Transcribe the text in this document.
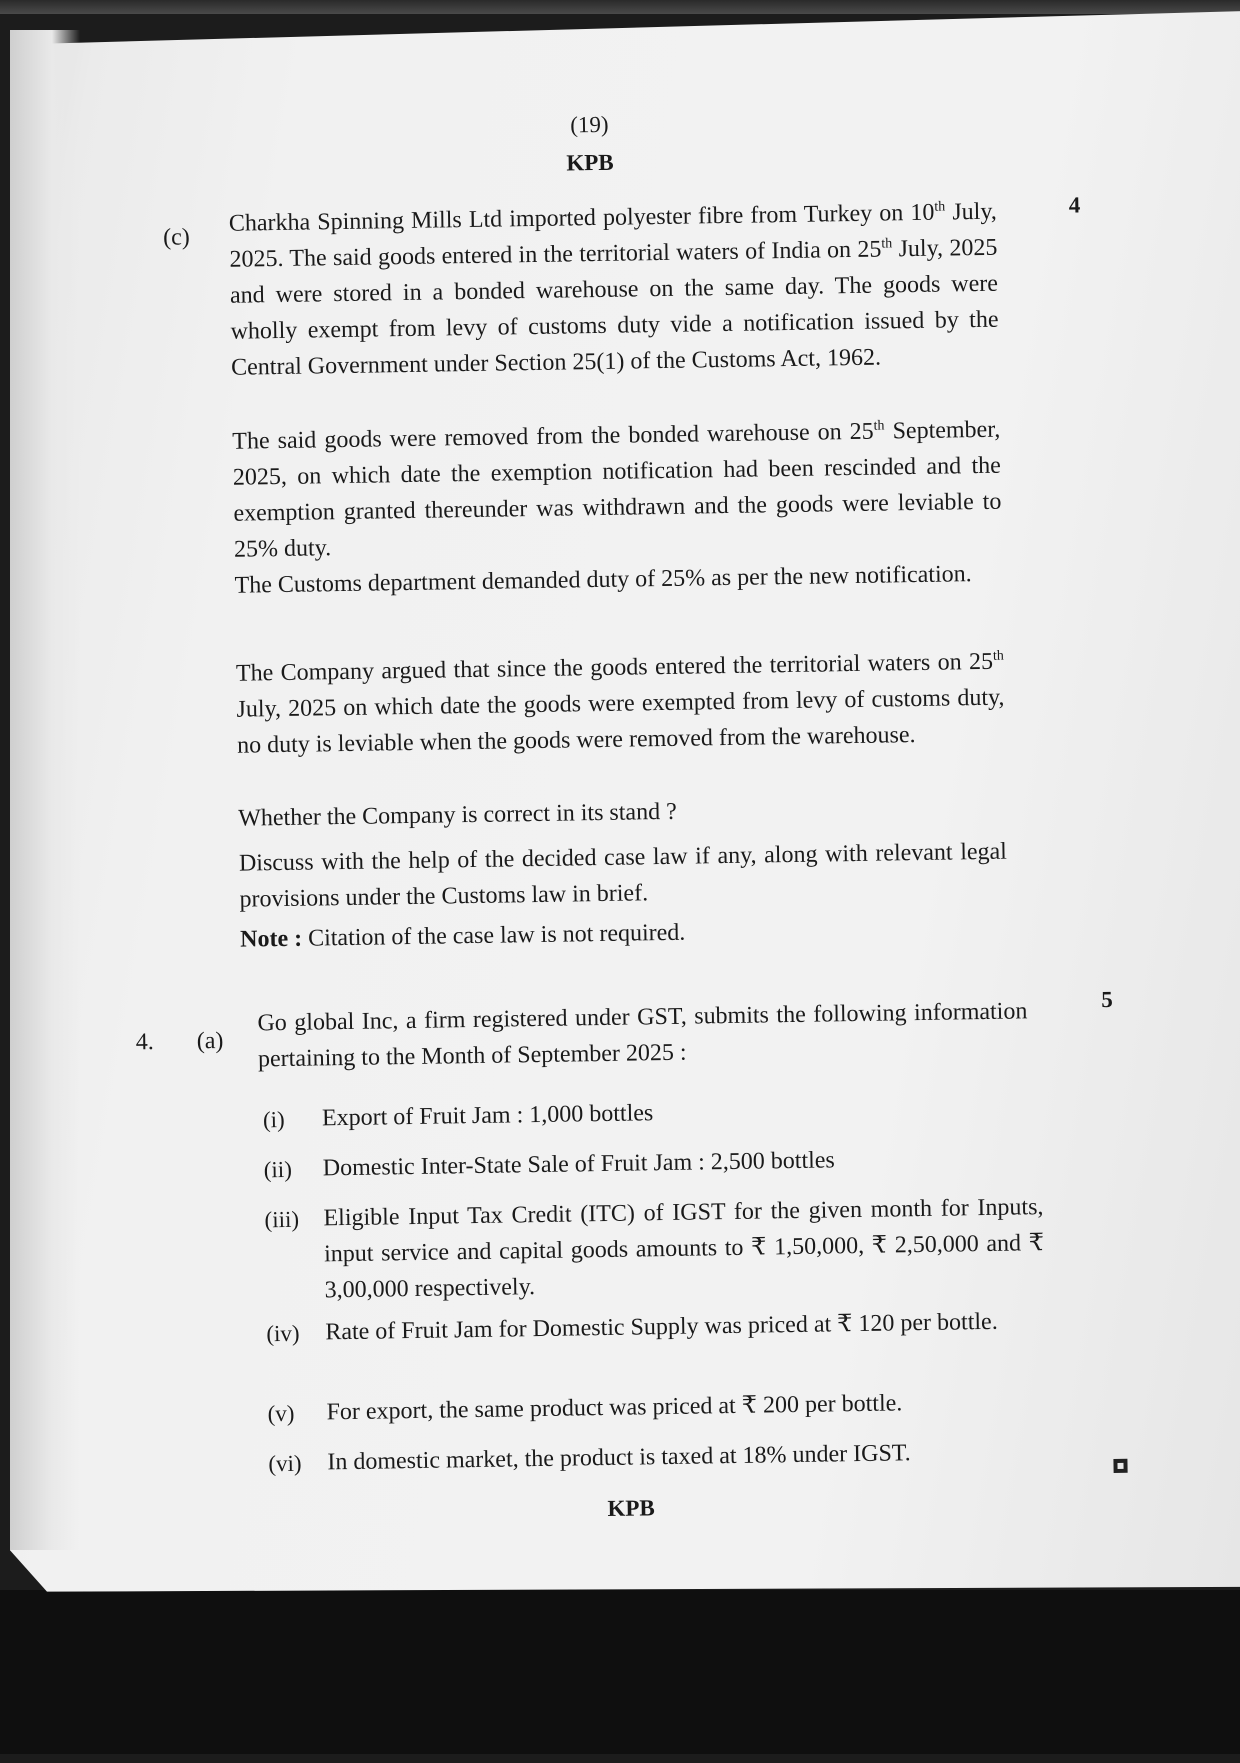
(19)
KPB
(c)
4
Charkha Spinning Mills Ltd imported polyester fibre from Turkey on 10th July, 2025. The said goods entered in the territorial waters of India on 25th July, 2025 and were stored in a bonded warehouse on the same day. The goods were wholly exempt from levy of customs duty vide a notification issued by the Central Government under Section 25(1) of the Customs Act, 1962.
The said goods were removed from the bonded warehouse on 25th September, 2025, on which date the exemption notification had been rescinded and the exemption granted thereunder was withdrawn and the goods were leviable to 25% duty.
The Customs department demanded duty of 25% as per the new notification.
The Company argued that since the goods entered the territorial waters on 25th July, 2025 on which date the goods were exempted from levy of customs duty, no duty is leviable when the goods were removed from the warehouse.
Whether the Company is correct in its stand ?
Discuss with the help of the decided case law if any, along with relevant legal provisions under the Customs law in brief.
Note : Citation of the case law is not required.
4. (a)
5
Go global Inc, a firm registered under GST, submits the following information pertaining to the Month of September 2025 :
(i) Export of Fruit Jam : 1,000 bottles
(ii) Domestic Inter-State Sale of Fruit Jam : 2,500 bottles
(iii) Eligible Input Tax Credit (ITC) of IGST for the given month for Inputs, input service and capital goods amounts to ₹ 1,50,000, ₹ 2,50,000 and ₹ 3,00,000 respectively.
(iv) Rate of Fruit Jam for Domestic Supply was priced at ₹ 120 per bottle.
(v) For export, the same product was priced at ₹ 200 per bottle.
(vi) In domestic market, the product is taxed at 18% under IGST.
KPB
